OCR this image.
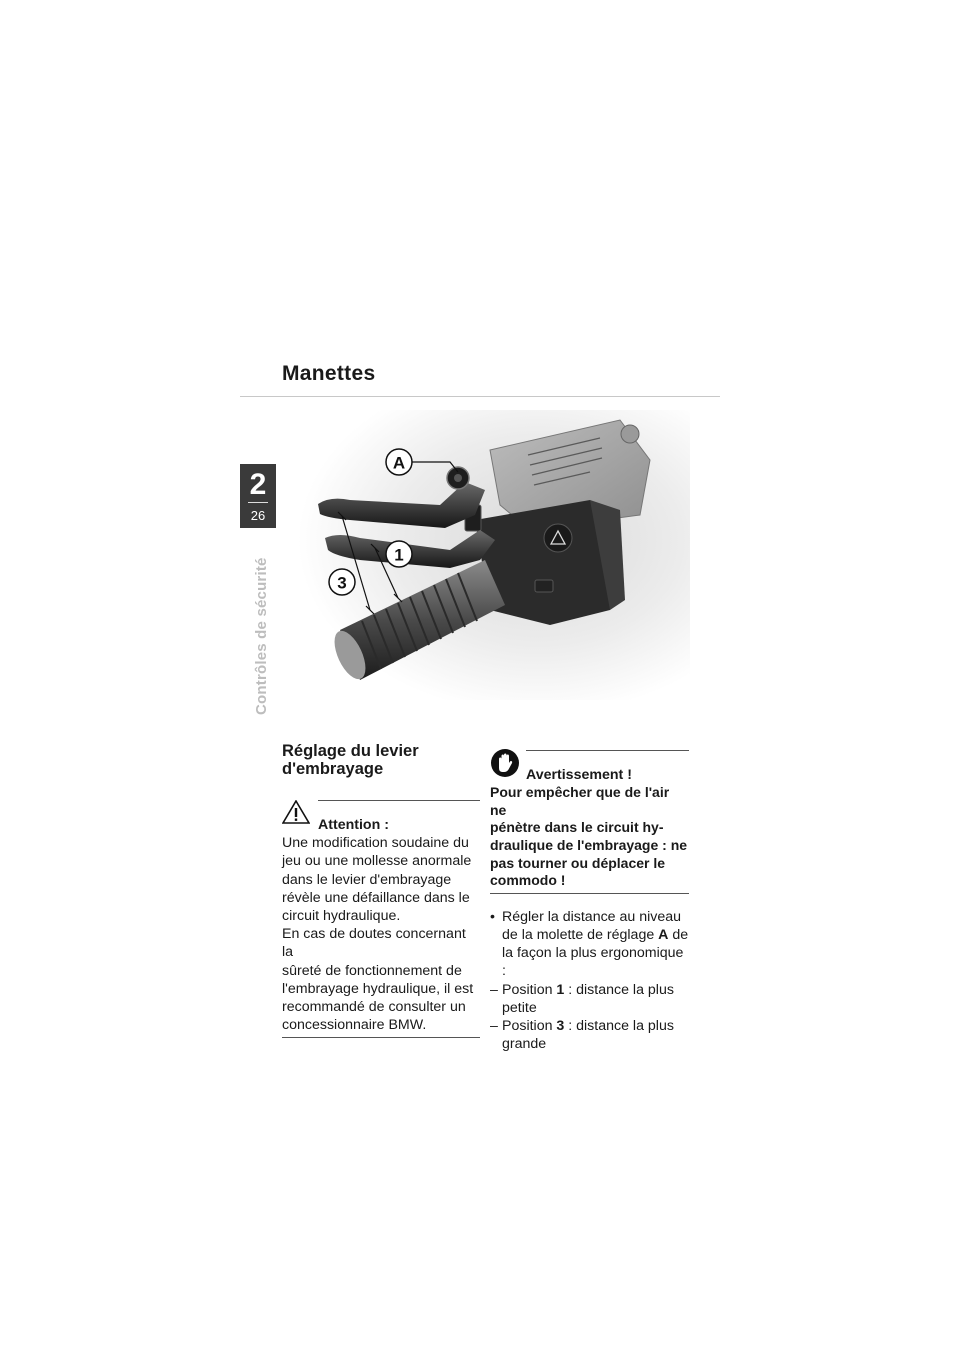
Manettes
2
26
Contrôles de sécurité
A
1
3
Réglage du levier d'embrayage
Attention :
Une modification soudaine du
jeu ou une mollesse anormale
dans le levier d'embrayage
révèle une défaillance dans le
circuit hydraulique.
En cas de doutes concernant la
sûreté de fonctionnement de
l'embrayage hydraulique, il est
recommandé de consulter un
concessionnaire BMW.
Avertissement !
Pour empêcher que de l'air ne
pénètre dans le circuit hy-
draulique de l'embrayage : ne
pas tourner ou déplacer le
commodo !
• Régler la distance au niveau
de la molette de réglage A de
la façon la plus ergonomique :
– Position 1 : distance la plus
petite
– Position 3 : distance la plus
grande
